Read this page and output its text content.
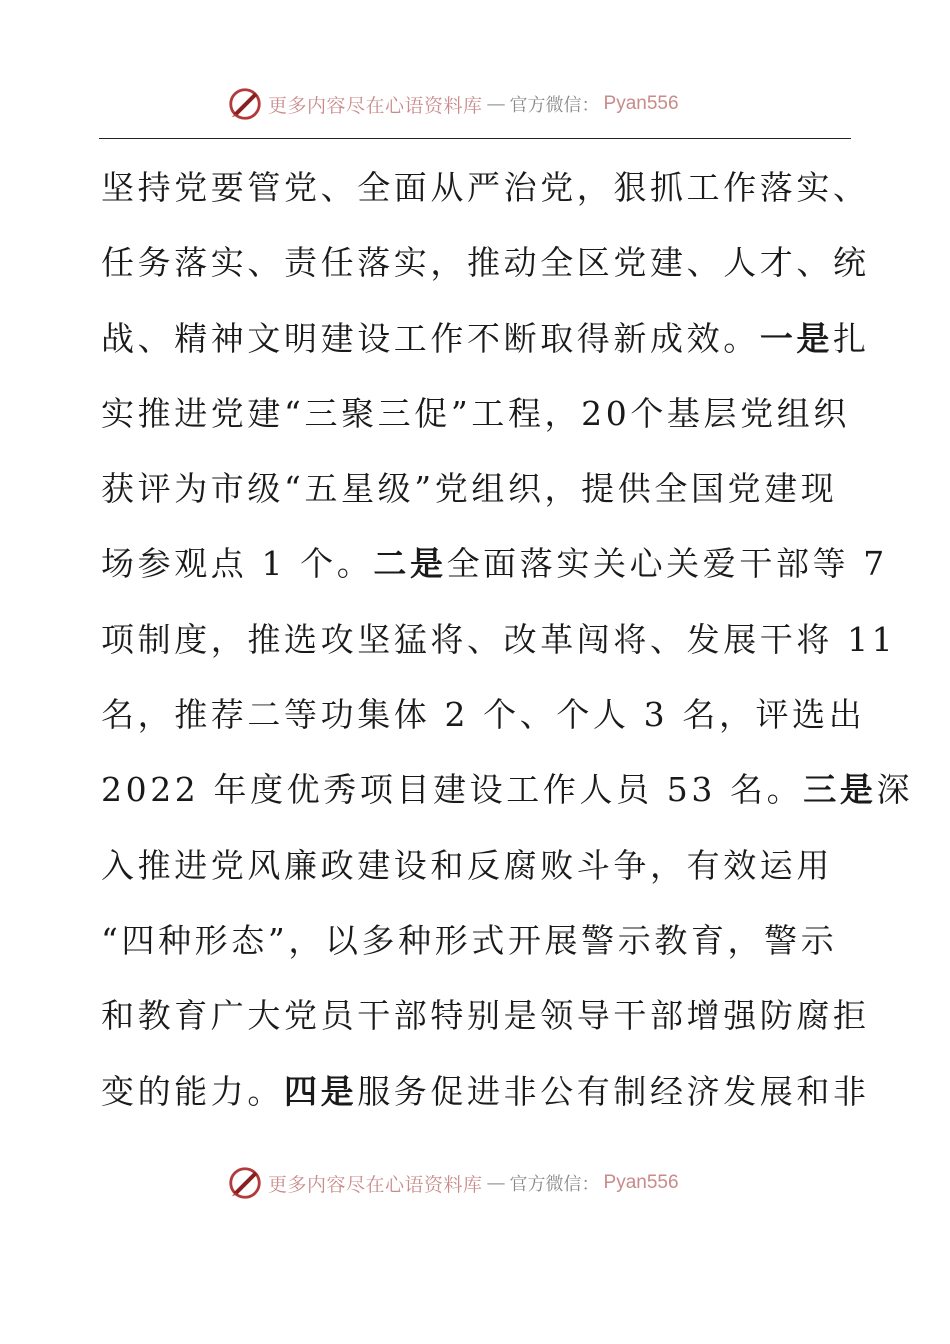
更多内容尽在心语资料库 — 官方微信： Pyan556
坚持党要管党、全面从严治党，狠抓工作落实、
任务落实、责任落实，推动全区党建、人才、统
战、精神文明建设工作不断取得新成效。一是扎
实推进党建“三聚三促”工程，20个基层党组织
获评为市级“五星级”党组织，提供全国党建现
场参观点 1 个。二是全面落实关心关爱干部等 7
项制度，推选攻坚猛将、改革闯将、发展干将 11
名，推荐二等功集体 2 个、个人 3 名，评选出
2022 年度优秀项目建设工作人员 53 名。三是深
入推进党风廉政建设和反腐败斗争，有效运用
“四种形态”，以多种形式开展警示教育，警示
和教育广大党员干部特别是领导干部增强防腐拒
变的能力。四是服务促进非公有制经济发展和非
更多内容尽在心语资料库 — 官方微信： Pyan556
